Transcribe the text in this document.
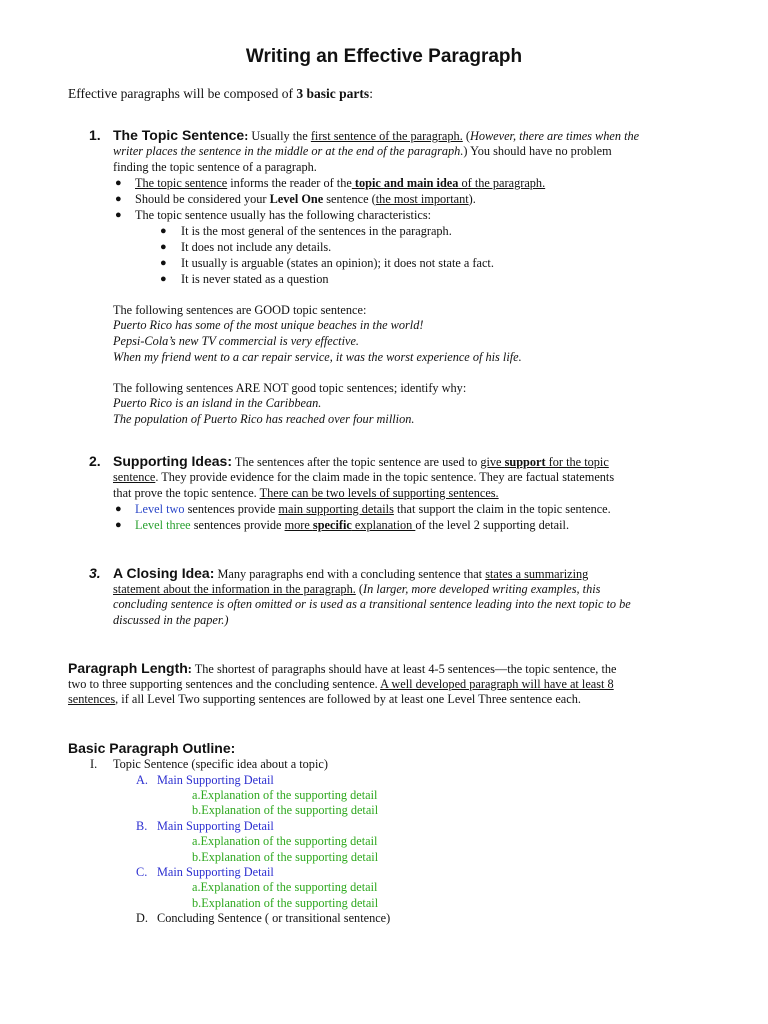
Writing an Effective Paragraph
Effective paragraphs will be composed of 3 basic parts:
1. The Topic Sentence: Usually the first sentence of the paragraph. (However, there are times when the
writer places the sentence in the middle or at the end of the paragraph.) You should have no problem
finding the topic sentence of a paragraph.
● The topic sentence informs the reader of the topic and main idea of the paragraph.
● Should be considered your Level One sentence (the most important).
● The topic sentence usually has the following characteristics:
● It is the most general of the sentences in the paragraph.
● It does not include any details.
● It usually is arguable (states an opinion); it does not state a fact.
● It is never stated as a question
The following sentences are GOOD topic sentence:
Puerto Rico has some of the most unique beaches in the world!
Pepsi-Cola’s new TV commercial is very effective.
When my friend went to a car repair service, it was the worst experience of his life.
The following sentences ARE NOT good topic sentences; identify why:
Puerto Rico is an island in the Caribbean.
The population of Puerto Rico has reached over four million.
2. Supporting Ideas: The sentences after the topic sentence are used to give support for the topic
sentence. They provide evidence for the claim made in the topic sentence. They are factual statements
that prove the topic sentence. There can be two levels of supporting sentences.
● Level two sentences provide main supporting details that support the claim in the topic sentence.
● Level three sentences provide more specific explanation of the level 2 supporting detail.
3. A Closing Idea: Many paragraphs end with a concluding sentence that states a summarizing
statement about the information in the paragraph. (In larger, more developed writing examples, this
concluding sentence is often omitted or is used as a transitional sentence leading into the next topic to be
discussed in the paper.)
Paragraph Length: The shortest of paragraphs should have at least 4-5 sentences—the topic sentence, the
two to three supporting sentences and the concluding sentence. A well developed paragraph will have at least 8
sentences, if all Level Two supporting sentences are followed by at least one Level Three sentence each.
Basic Paragraph Outline:
I. Topic Sentence (specific idea about a topic)
A. Main Supporting Detail
a.Explanation of the supporting detail
b.Explanation of the supporting detail
B. Main Supporting Detail
a.Explanation of the supporting detail
b.Explanation of the supporting detail
C. Main Supporting Detail
a.Explanation of the supporting detail
b.Explanation of the supporting detail
D. Concluding Sentence ( or transitional sentence)
